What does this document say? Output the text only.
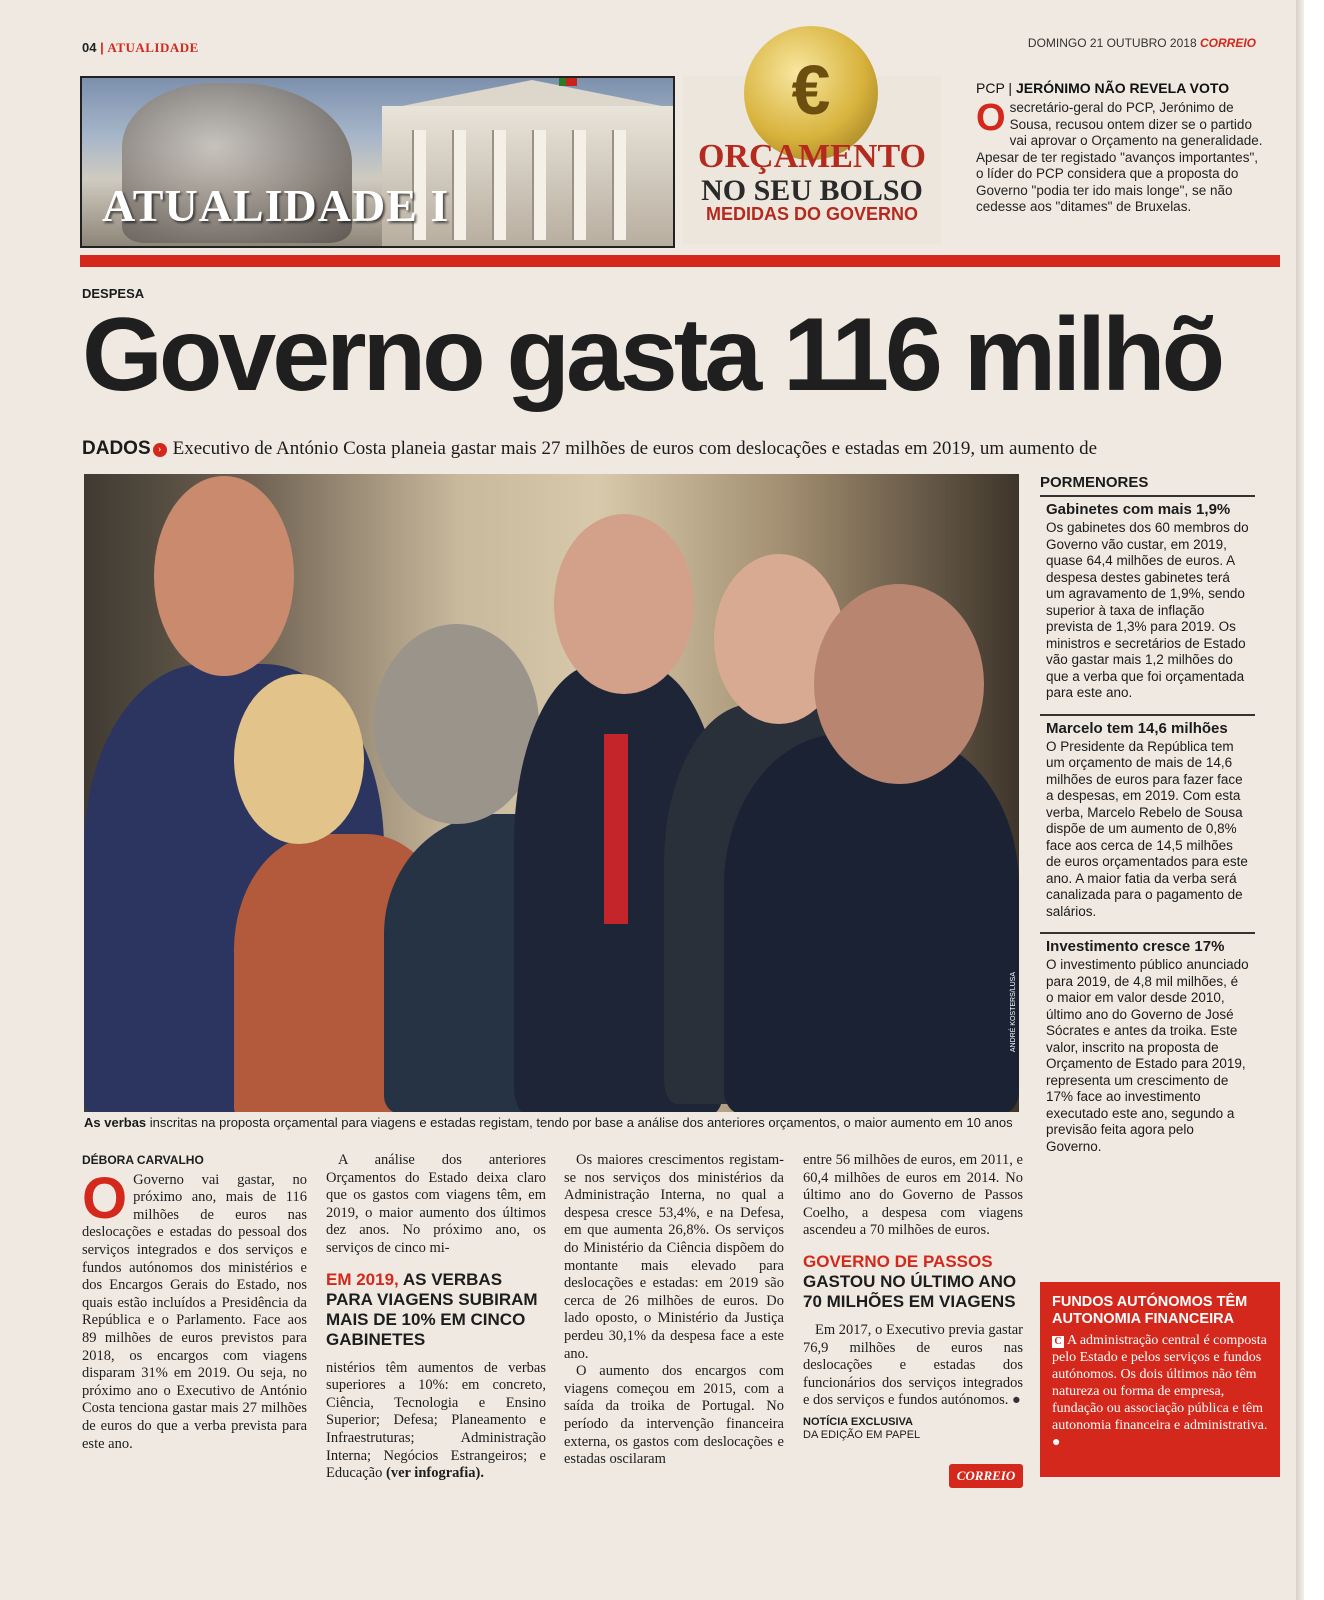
04 | ATUALIDADE	DOMINGO 21 OUTUBRO 2018 CORREIO
ATUALIDADE I
€
ORÇAMENTO
NO SEU BOLSO
MEDIDAS DO GOVERNO
PCP | JERÓNIMO NÃO REVELA VOTO

Osecretário-geral do PCP, Jerónimo de Sousa, recusou ontem dizer se o partido vai aprovar o Orçamento na generalidade. Apesar de ter registado "avanços importantes", o líder do PCP considera que a proposta do Governo "podia ter ido mais longe", se não cedesse aos "ditames" de Bruxelas.

DESPESA
Governo gasta 116 milhõ
DADOS › Executivo de António Costa planeia gastar mais 27 milhões de euros com deslocações e estadas em 2019, um aumento de
ANDRÉ KOSTERS/LUSA
As verbas inscritas na proposta orçamental para viagens e estadas registam, tendo por base a análise dos anteriores orçamentos, o maior aumento em 10 anos
PORMENORES
Gabinetes com mais 1,9%

Os gabinetes dos 60 membros do Governo vão custar, em 2019, quase 64,4 milhões de euros. A despesa destes gabinetes terá um agravamento de 1,9%, sendo superior à taxa de inflação prevista de 1,3% para 2019. Os ministros e secretários de Estado vão gastar mais 1,2 milhões do que a verba que foi orçamentada para este ano.

Marcelo tem 14,6 milhões

O Presidente da República tem um orçamento de mais de 14,6 milhões de euros para fazer face a despesas, em 2019. Com esta verba, Marcelo Rebelo de Sousa dispõe de um aumento de 0,8% face aos cerca de 14,5 milhões de euros orçamentados para este ano. A maior fatia da verba será canalizada para o pagamento de salários.

Investimento cresce 17%

O investimento público anunciado para 2019, de 4,8 mil milhões, é o maior em valor desde 2010, último ano do Governo de José Sócrates e antes da troika. Este valor, inscrito na proposta de Orçamento de Estado para 2019, representa um crescimento de 17% face ao investimento executado este ano, segundo a previsão feita agora pelo Governo.

DÉBORA CARVALHO

O Governo vai gastar, no próximo ano, mais de 116 milhões de euros nas deslocações e estadas do pessoal dos serviços integrados e dos serviços e fundos autónomos dos ministérios e dos Encargos Gerais do Estado, nos quais estão incluídos a Presidência da República e o Parlamento. Face aos 89 milhões de euros previstos para 2018, os encargos com viagens disparam 31% em 2019. Ou seja, no próximo ano o Executivo de António Costa tenciona gastar mais 27 milhões de euros do que a verba prevista para este ano.

A análise dos anteriores Orçamentos do Estado deixa claro que os gastos com viagens têm, em 2019, o maior aumento dos últimos dez anos. No próximo ano, os serviços de cinco mi-

EM 2019, AS VERBAS PARA VIAGENS SUBIRAM MAIS DE 10% EM CINCO GABINETES

nistérios têm aumentos de verbas superiores a 10%: em concreto, Ciência, Tecnologia e Ensino Superior; Defesa; Planeamento e Infraestruturas; Administração Interna; Negócios Estrangeiros; e Educação (ver infografia).

Os maiores crescimentos registam-se nos serviços dos ministérios da Administração Interna, no qual a despesa cresce 53,4%, e na Defesa, em que aumenta 26,8%. Os serviços do Ministério da Ciência dispõem do montante mais elevado para deslocações e estadas: em 2019 são cerca de 26 milhões de euros. Do lado oposto, o Ministério da Justiça perdeu 30,1% da despesa face a este ano.

O aumento dos encargos com viagens começou em 2015, com a saída da troika de Portugal. No período da intervenção financeira externa, os gastos com deslocações e estadas oscilaram

entre 56 milhões de euros, em 2011, e 60,4 milhões de euros em 2014. No último ano do Governo de Passos Coelho, a despesa com viagens ascendeu a 70 milhões de euros.

GOVERNO DE PASSOS
GASTOU NO ÚLTIMO ANO 70 MILHÕES EM VIAGENS

Em 2017, o Executivo previa gastar 76,9 milhões de euros nas deslocações e estadas dos funcionários dos serviços integrados e dos serviços e fundos autónomos. ●

NOTÍCIA EXCLUSIVA
DA EDIÇÃO EM PAPEL
CORREIO
FUNDOS AUTÓNOMOS TÊM AUTONOMIA FINANCEIRA

C A administração central é composta pelo Estado e pelos serviços e fundos autónomos. Os dois últimos não têm natureza ou forma de empresa, fundação ou associação pública e têm autonomia financeira e administrativa. ●
